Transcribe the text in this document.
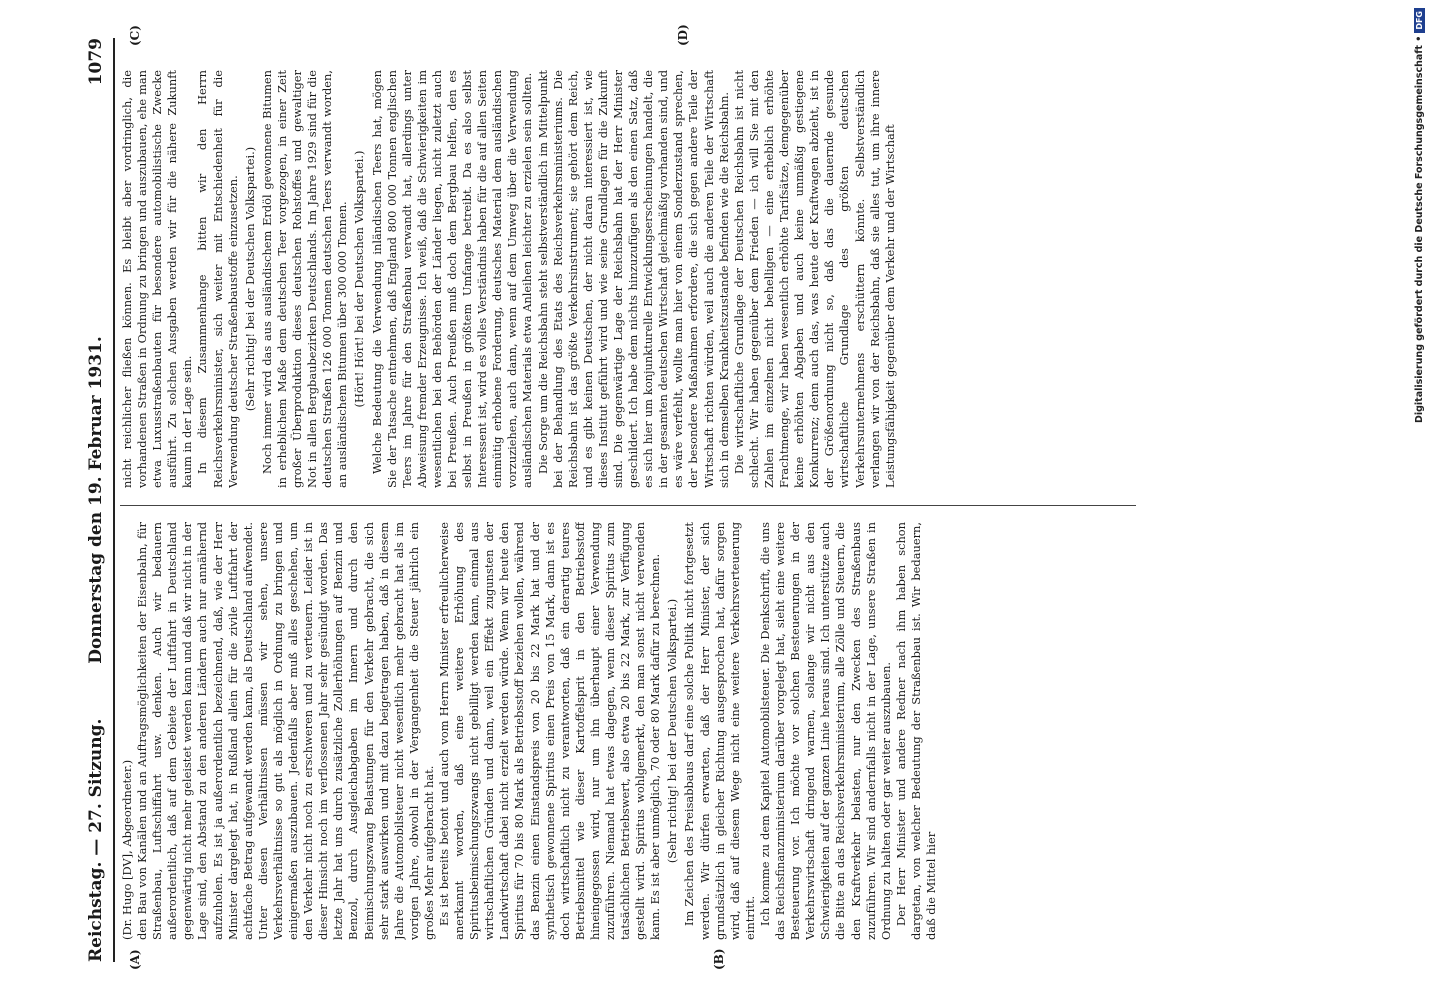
Reichstag. — 27. Sitzung.
Donnerstag den 19. Februar 1931.
1079
(A)	(B)
(C)	(D)

(Dr. Hugo [DV], Abgeordneter.) den Bau von Kanälen und an Auftragsmöglichkeiten der Eisenbahn, für Straßenbau, Luftschiffahrt usw. denken. Auch wir bedauern außerordentlich, daß auf dem Gebiete der Luftfahrt in Deutschland gegenwärtig nicht mehr geleistet werden kann und daß wir nicht in der Lage sind, den Abstand zu den anderen Ländern auch nur annähernd aufzuholen. Es ist ja außerordentlich bezeichnend, daß, wie der Herr Minister dargelegt hat, in Rußland allein für die zivile Luftfahrt der achtfache Betrag aufgewandt werden kann, als Deutschland aufwendet. Unter diesen Verhältnissen müssen wir sehen, unsere Verkehrsverhältnisse so gut als möglich in Ordnung zu bringen und einigermaßen auszubauen. Jedenfalls aber muß alles geschehen, um den Verkehr nicht noch zu erschweren und zu verteuern. Leider ist in dieser Hinsicht noch im verflossenen Jahr sehr gesündigt worden. Das letzte Jahr hat uns durch zusätzliche Zollerhöhungen auf Benzin und Benzol, durch Ausgleichabgaben im Innern und durch den Beimischungszwang Belastungen für den Verkehr gebracht, die sich sehr stark auswirken und mit dazu beigetragen haben, daß in diesem Jahre die Automobilsteuer nicht wesentlich mehr gebracht hat als im vorigen Jahre, obwohl in der Vergangenheit die Steuer jährlich ein großes Mehr aufgebracht hat. Es ist bereits betont und auch vom Herrn Minister erfreulicherweise anerkannt worden, daß eine weitere Erhöhung des Spiritusbeimischungszwangs nicht gebilligt werden kann, einmal aus wirtschaftlichen Gründen und dann, weil ein Effekt zugunsten der Landwirtschaft dabei nicht erzielt werden würde. Wenn wir heute den Spiritus für 70 bis 80 Mark als Betriebsstoff beziehen wollen, während das Benzin einen Einstandspreis von 20 bis 22 Mark hat und der synthetisch gewonnene Spiritus einen Preis von 15 Mark, dann ist es doch wirtschaftlich nicht zu verantworten, daß ein derartig teures Betriebsmittel wie dieser Kartoffelsprit in den Betriebsstoff hineingegossen wird, nur um ihn überhaupt einer Verwendung zuzuführen. Niemand hat etwas dagegen, wenn dieser Spiritus zum tatsächlichen Betriebswert, also etwa 20 bis 22 Mark, zur Verfügung gestellt wird. Spiritus wohlgemerkt, den man sonst nicht verwenden kann. Es ist aber unmöglich, 70 oder 80 Mark dafür zu berechnen. (Sehr richtig! bei der Deutschen Volkspartei.) Im Zeichen des Preisabbaus darf eine solche Politik nicht fortgesetzt werden. Wir dürfen erwarten, daß der Herr Minister, der sich grundsätzlich in gleicher Richtung ausgesprochen hat, dafür sorgen wird, daß auf diesem Wege nicht eine weitere Verkehrsverteuerung eintritt. Ich komme zu dem Kapitel Automobilsteuer. Die Denkschrift, die uns das Reichsfinanzministerium darüber vorgelegt hat, sieht eine weitere Besteuerung vor. Ich möchte vor solchen Besteuerungen in der Verkehrswirtschaft dringend warnen, solange wir nicht aus den Schwierigkeiten auf der ganzen Linie heraus sind. Ich unterstütze auch die Bitte an das Reichsverkehrsministerium, alle Zölle und Steuern, die den Kraftverkehr belasten, nur den Zwecken des Straßenbaus zuzuführen. Wir sind andernfalls nicht in der Lage, unsere Straßen in Ordnung zu halten oder gar weiter auszubauen. Der Herr Minister und andere Redner nach ihm haben schon dargetan, von welcher Bedeutung der Straßenbau ist. Wir bedauern, daß die Mittel hier

nicht reichlicher fließen können. Es bleibt aber vordringlich, die vorhandenen Straßen in Ordnung zu bringen und auszubauen, ehe man etwa Luxusstraßenbauten für besondere automobilistische Zwecke ausführt. Zu solchen Ausgaben werden wir für die nähere Zukunft kaum in der Lage sein. In diesem Zusammenhange bitten wir den Herrn Reichsverkehrsminister, sich weiter mit Entschiedenheit für die Verwendung deutscher Straßenbaustoffe einzusetzen. (Sehr richtig! bei der Deutschen Volkspartei.) Noch immer wird das aus ausländischem Erdöl gewonnene Bitumen in erheblichem Maße dem deutschen Teer vorgezogen, in einer Zeit großer Überproduktion dieses deutschen Rohstoffes und gewaltiger Not in allen Bergbaubezirken Deutschlands. Im Jahre 1929 sind für die deutschen Straßen 126 000 Tonnen deutschen Teers verwandt worden, an ausländischem Bitumen über 300 000 Tonnen. (Hört! Hört! bei der Deutschen Volkspartei.) Welche Bedeutung die Verwendung inländischen Teers hat, mögen Sie der Tatsache entnehmen, daß England 800 000 Tonnen englischen Teers im Jahre für den Straßenbau verwandt hat, allerdings unter Abweisung fremder Erzeugnisse. Ich weiß, daß die Schwierigkeiten im wesentlichen bei den Behörden der Länder liegen, nicht zuletzt auch bei Preußen. Auch Preußen muß doch dem Bergbau helfen, den es selbst in Preußen in größtem Umfange betreibt. Da es also selbst Interessent ist, wird es volles Verständnis haben für die auf allen Seiten einmütig erhobene Forderung, deutsches Material dem ausländischen vorzuziehen, auch dann, wenn auf dem Umweg über die Verwendung ausländischen Materials etwa Anleihen leichter zu erzielen sein sollten. Die Sorge um die Reichsbahn steht selbstverständlich im Mittelpunkt bei der Behandlung des Etats des Reichsverkehrsministeriums. Die Reichsbahn ist das größte Verkehrsinstrument; sie gehört dem Reich, und es gibt keinen Deutschen, der nicht daran interessiert ist, wie dieses Institut geführt wird und wie seine Grundlagen für die Zukunft sind. Die gegenwärtige Lage der Reichsbahn hat der Herr Minister geschildert. Ich habe dem nichts hinzuzufügen als den einen Satz, daß es sich hier um konjunkturelle Entwicklungserscheinungen handelt, die in der gesamten deutschen Wirtschaft gleichmäßig vorhanden sind, und es wäre verfehlt, wollte man hier von einem Sonderzustand sprechen, der besondere Maßnahmen erfordere, die sich gegen andere Teile der Wirtschaft richten würden, weil auch die anderen Teile der Wirtschaft sich in demselben Krankheitszustande befinden wie die Reichsbahn. Die wirtschaftliche Grundlage der Deutschen Reichsbahn ist nicht schlecht. Wir haben gegenüber dem Frieden — ich will Sie mit den Zahlen im einzelnen nicht behelligen — eine erheblich erhöhte Frachtmenge, wir haben wesentlich erhöhte Tarifsätze, demgegenüber keine erhöhten Abgaben und auch keine unmäßig gestiegene Konkurrenz; denn auch das, was heute der Kraftwagen abzieht, ist in der Größenordnung nicht so, daß das die dauernde gesunde wirtschaftliche Grundlage des größten deutschen Verkehrsunternehmens erschüttern könnte. Selbstverständlich verlangen wir von der Reichsbahn, daß sie alles tut, um ihre innere Leistungsfähigkeit gegenüber dem Verkehr und der Wirtschaft	Digitalisierung gefördert durch die Deutsche Forschungsgemeinschaft •DFG
